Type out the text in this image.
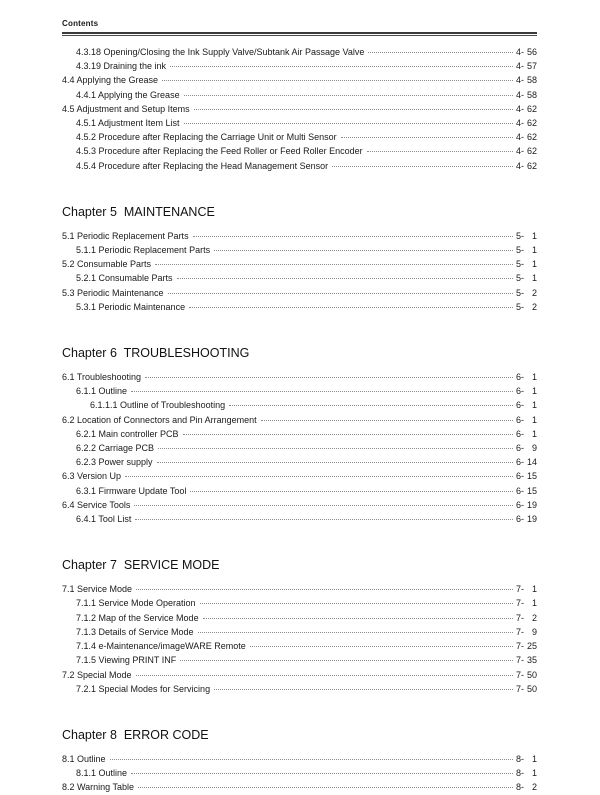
Contents
4.3.18 Opening/Closing the Ink Supply Valve/Subtank Air Passage Valve	4- 56
4.3.19 Draining the ink	4- 57
4.4 Applying the Grease	4- 58
4.4.1 Applying the Grease	4- 58
4.5 Adjustment and Setup Items	4- 62
4.5.1 Adjustment Item List	4- 62
4.5.2 Procedure after Replacing the Carriage Unit or Multi Sensor	4- 62
4.5.3 Procedure after Replacing the Feed Roller or Feed Roller Encoder	4- 62
4.5.4 Procedure after Replacing the Head Management Sensor	4- 62
Chapter 5  MAINTENANCE
5.1 Periodic Replacement Parts	5- 1
5.1.1 Periodic Replacement Parts	5- 1
5.2 Consumable Parts	5- 1
5.2.1 Consumable Parts	5- 1
5.3 Periodic Maintenance	5- 2
5.3.1 Periodic Maintenance	5- 2
Chapter 6  TROUBLESHOOTING
6.1 Troubleshooting	6- 1
6.1.1 Outline	6- 1
6.1.1.1 Outline of Troubleshooting	6- 1
6.2 Location of Connectors and Pin Arrangement	6- 1
6.2.1 Main controller PCB	6- 1
6.2.2 Carriage PCB	6- 9
6.2.3 Power supply	6- 14
6.3 Version Up	6- 15
6.3.1 Firmware Update Tool	6- 15
6.4 Service Tools	6- 19
6.4.1 Tool List	6- 19
Chapter 7  SERVICE MODE
7.1 Service Mode	7- 1
7.1.1 Service Mode Operation	7- 1
7.1.2 Map of the Service Mode	7- 2
7.1.3 Details of Service Mode	7- 9
7.1.4 e-Maintenance/imageWARE Remote	7- 25
7.1.5 Viewing PRINT INF	7- 35
7.2 Special Mode	7- 50
7.2.1 Special Modes for Servicing	7- 50
Chapter 8  ERROR CODE
8.1 Outline	8- 1
8.1.1 Outline	8- 1
8.2 Warning Table	8- 2
